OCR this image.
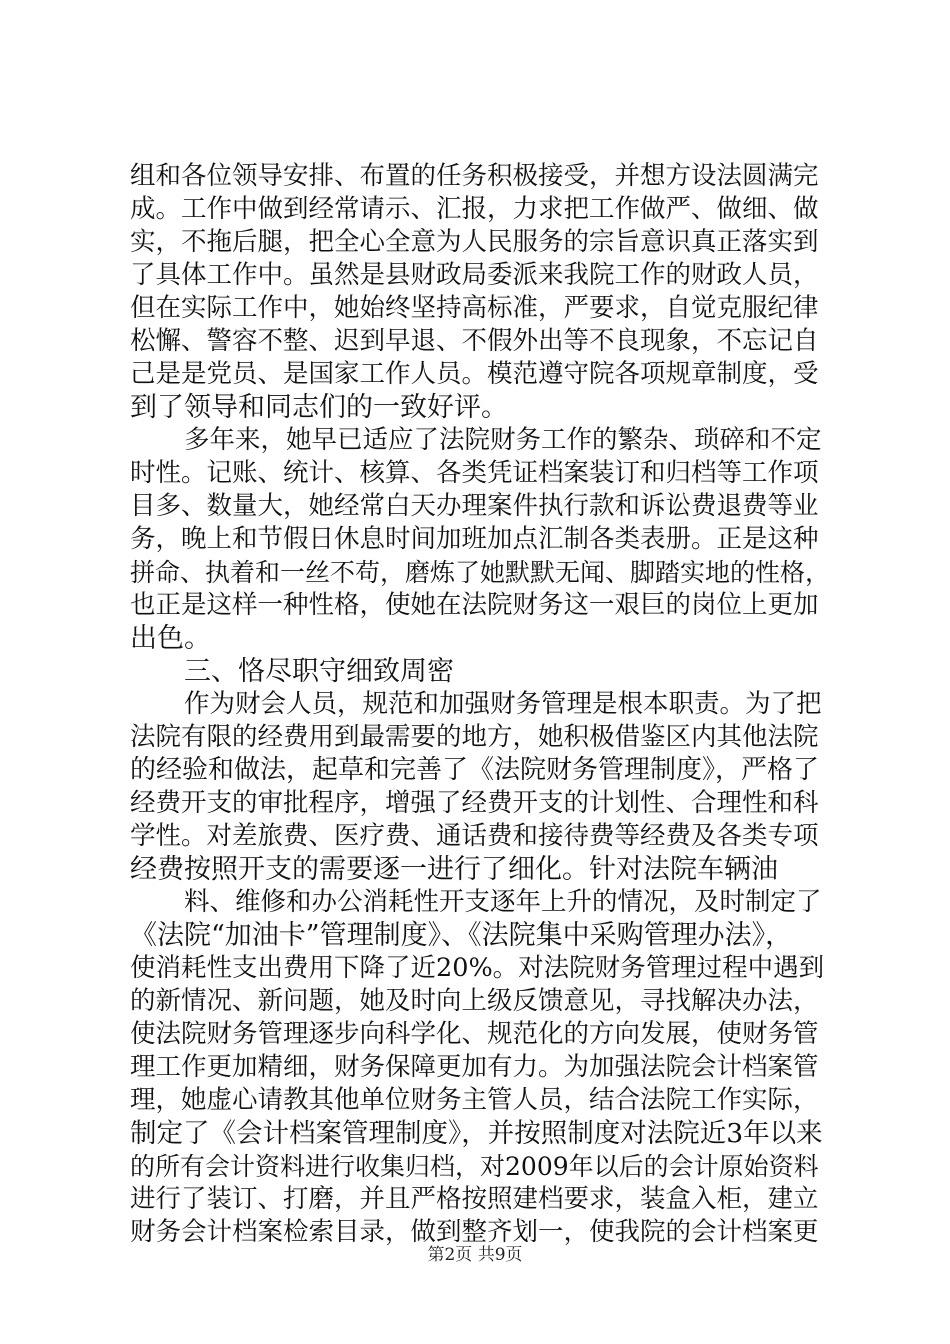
组和各位领导安排、布置的任务积极接受，并想方设法圆满完
成。工作中做到经常请示、汇报，力求把工作做严、做细、做
实，不拖后腿，把全心全意为人民服务的宗旨意识真正落实到
了具体工作中。虽然是县财政局委派来我院工作的财政人员，
但在实际工作中，她始终坚持高标准，严要求，自觉克服纪律
松懈、警容不整、迟到早退、不假外出等不良现象，不忘记自
己是是党员、是国家工作人员。模范遵守院各项规章制度，受
到了领导和同志们的一致好评。
多年来，她早已适应了法院财务工作的繁杂、琐碎和不定
时性。记账、统计、核算、各类凭证档案装订和归档等工作项
目多、数量大，她经常白天办理案件执行款和诉讼费退费等业
务，晚上和节假日休息时间加班加点汇制各类表册。正是这种
拼命、执着和一丝不苟，磨炼了她默默无闻、脚踏实地的性格，
也正是这样一种性格，使她在法院财务这一艰巨的岗位上更加
出色。
三、恪尽职守细致周密
作为财会人员，规范和加强财务管理是根本职责。为了把
法院有限的经费用到最需要的地方，她积极借鉴区内其他法院
的经验和做法，起草和完善了《法院财务管理制度》，严格了
经费开支的审批程序，增强了经费开支的计划性、合理性和科
学性。对差旅费、医疗费、通话费和接待费等经费及各类专项
经费按照开支的需要逐一进行了细化。针对法院车辆油
料、维修和办公消耗性开支逐年上升的情况，及时制定了
《法院“加油卡”管理制度》、《法院集中采购管理办法》，
使消耗性支出费用下降了近20%。对法院财务管理过程中遇到
的新情况、新问题，她及时向上级反馈意见，寻找解决办法，
使法院财务管理逐步向科学化、规范化的方向发展，使财务管
理工作更加精细，财务保障更加有力。为加强法院会计档案管
理，她虚心请教其他单位财务主管人员，结合法院工作实际，
制定了《会计档案管理制度》，并按照制度对法院近3年以来
的所有会计资料进行收集归档，对2009年以后的会计原始资料
进行了装订、打磨，并且严格按照建档要求，装盒入柜，建立
财务会计档案检索目录，做到整齐划一，使我院的会计档案更
第2页 共9页
